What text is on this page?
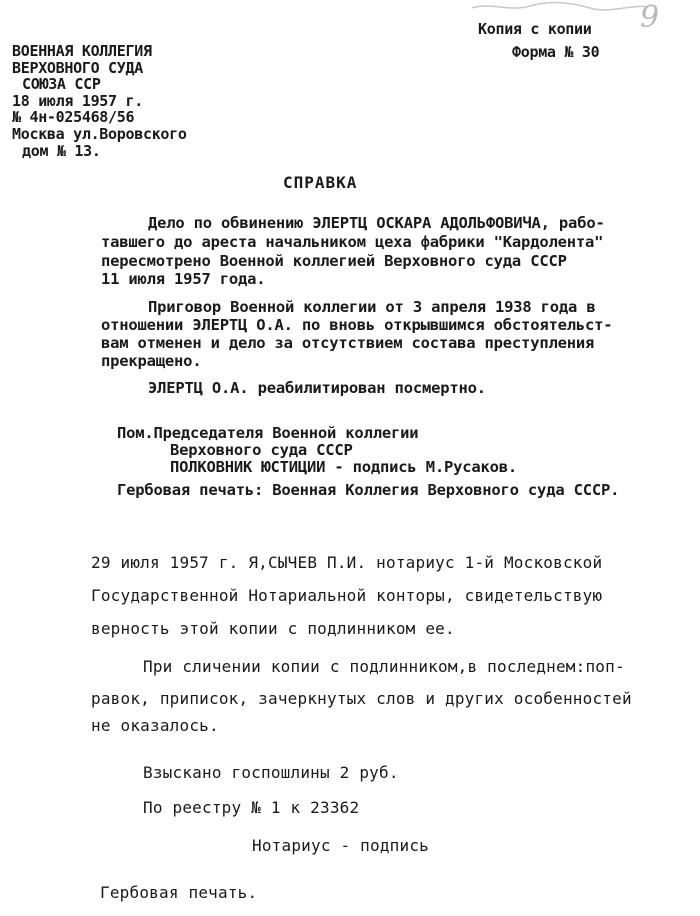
9
Копия с копии
Форма № 30
ВОЕННАЯ КОЛЛЕГИЯ
ВЕРХОВНОГО СУДА
СОЮЗА ССР
18 июля 1957 г.
№ 4н-025468/56
Москва ул.Воровского
дом № 13.
СПРАВКА
Дело по обвинению ЭЛЕРТЦ ОСКАРА АДОЛЬФОВИЧА, рабо-
тавшего до ареста начальником цеха фабрики "Кардолента"
пересмотрено Военной коллегией Верховного суда СССР
11 июля 1957 года.
Приговор Военной коллегии от 3 апреля 1938 года в
отношении ЭЛЕРТЦ О.А. по вновь открывшимся обстоятельст-
вам отменен и дело за отсутствием состава преступления
прекращено.
ЭЛЕРТЦ О.А. реабилитирован посмертно.
Пом.Председателя Военной коллегии
Верховного суда СССР
ПОЛКОВНИК ЮСТИЦИИ - подпись М.Русаков.
Гербовая печать: Военная Коллегия Верховного суда СССР.
29 июля 1957 г. Я,СЫЧЕВ П.И. нотариус 1-й Московской
Государственной Нотариальной конторы, свидетельствую
верность этой копии с подлинником ее.
При сличении копии с подлинником,в последнем:поп-
равок, приписок, зачеркнутых слов и других особенностей
не оказалось.
Взыскано госпошлины 2 руб.
По реестру № 1 к 23362
Нотариус - подпись
Гербовая печать.
